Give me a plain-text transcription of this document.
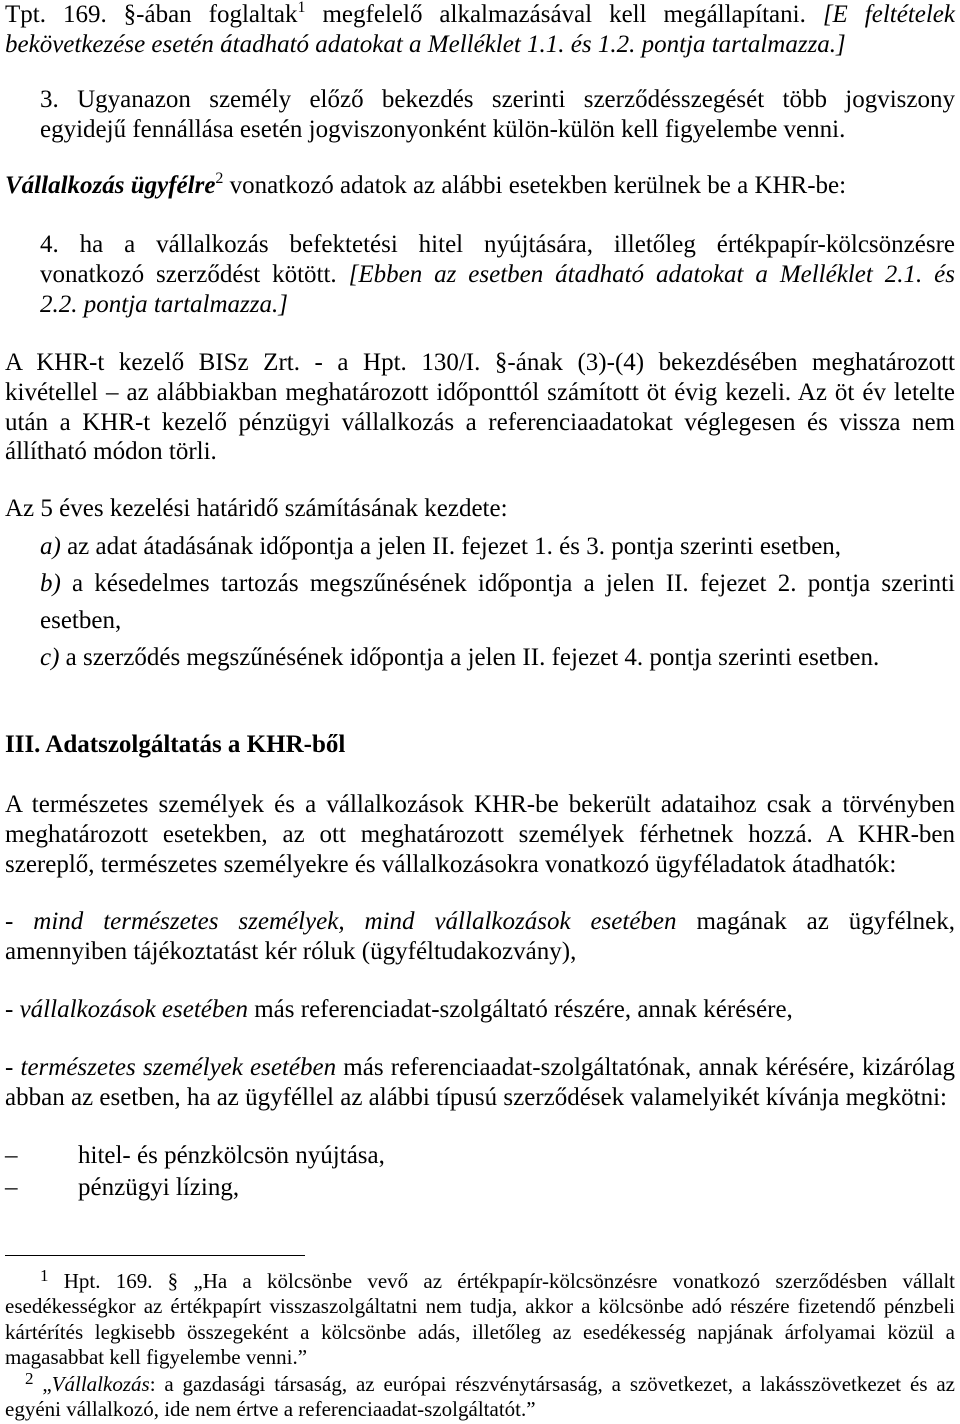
Tpt. 169. §-ában foglaltak$^1$ megfelelő alkalmazásával kell megállapítani. [E feltételek
bekövetkezése esetén átadható adatokat a Melléklet 1.1. és 1.2. pontja tartalmazza.]
3. Ugyanazon személy előző bekezdés szerinti szerződésszegését több jogviszony
egyidejű fennállása esetén jogviszonyonként külön-külön kell figyelembe venni.
Vállalkozás ügyfélre$^2$ vonatkozó adatok az alábbi esetekben kerülnek be a KHR-be:
4. ha a vállalkozás befektetési hitel nyújtására, illetőleg értékpapír-kölcsönzésre
vonatkozó szerződést kötött. [Ebben az esetben átadható adatokat a Melléklet 2.1. és
2.2. pontja tartalmazza.]
A KHR-t kezelő BISz Zrt. - a Hpt. 130/I. §-ának (3)-(4) bekezdésében meghatározott
kivétellel – az alábbiakban meghatározott időponttól számított öt évig kezeli. Az öt év letelte
után a KHR-t kezelő pénzügyi vállalkozás a referenciaadatokat véglegesen és vissza nem
állítható módon törli.
Az 5 éves kezelési határidő számításának kezdete:
a) az adat átadásának időpontja a jelen II. fejezet 1. és 3. pontja szerinti esetben,
b) a késedelmes tartozás megszűnésének időpontja a jelen II. fejezet 2. pontja szerinti
esetben,
c) a szerződés megszűnésének időpontja a jelen II. fejezet 4. pontja szerinti esetben.
III. Adatszolgáltatás a KHR-ből
A természetes személyek és a vállalkozások KHR-be bekerült adataihoz csak a törvényben
meghatározott esetekben, az ott meghatározott személyek férhetnek hozzá. A KHR-ben
szereplő, természetes személyekre és vállalkozásokra vonatkozó ügyféladatok átadhatók:
- mind természetes személyek, mind vállalkozások esetében magának az ügyfélnek,
amennyiben tájékoztatást kér róluk (ügyféltudakozvány),
- vállalkozások esetében más referenciadat-szolgáltató részére, annak kérésére,
- természetes személyek esetében más referenciaadat-szolgáltatónak, annak kérésére, kizárólag
abban az esetben, ha az ügyféllel az alábbi típusú szerződések valamelyikét kívánja megkötni:
– hitel- és pénzkölcsön nyújtása,
– pénzügyi lízing,
$^1$ Hpt. 169. § „Ha a kölcsönbe vevő az értékpapír-kölcsönzésre vonatkozó szerződésben vállalt
esedékességkor az értékpapírt visszaszolgáltatni nem tudja, akkor a kölcsönbe adó részére fizetendő pénzbeli
kártérítés legkisebb összegeként a kölcsönbe adás, illetőleg az esedékesség napjának árfolyamai közül a
magasabbat kell figyelembe venni.”
$^2$ „Vállalkozás: a gazdasági társaság, az európai részvénytársaság, a szövetkezet, a lakásszövetkezet és az
egyéni vállalkozó, ide nem értve a referenciaadat-szolgáltatót.”
